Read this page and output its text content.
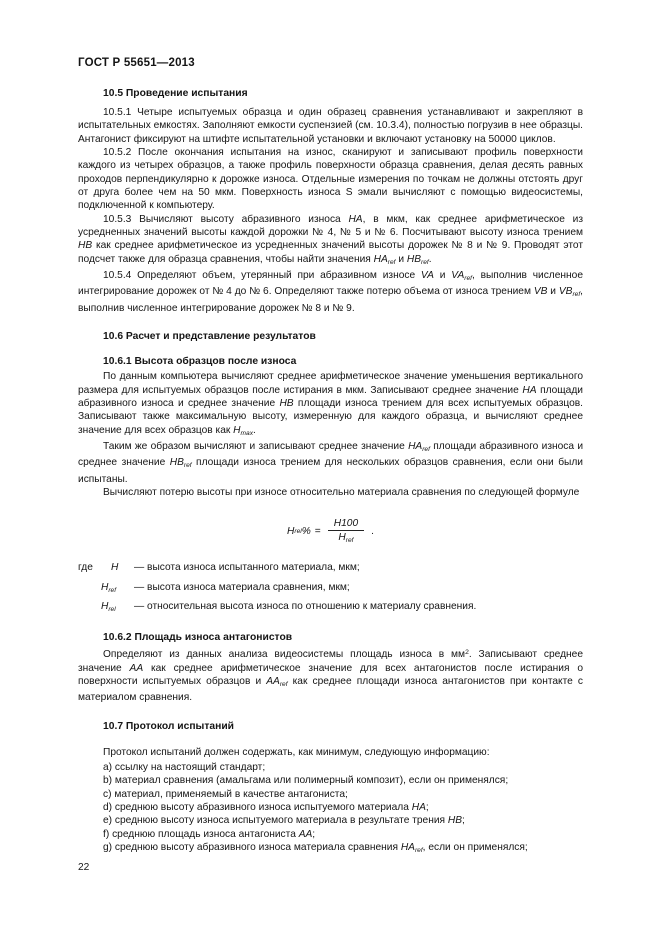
ГОСТ Р 55651—2013
10.5 Проведение испытания

10.5.1 Четыре испытуемых образца и один образец сравнения устанавливают и закрепляют в испытательных емкостях. Заполняют емкости суспензией (см. 10.3.4), полностью погрузив в нее образцы. Антагонист фиксируют на штифте испытательной установки и включают установку на 50000 циклов.

10.5.2 После окончания испытания на износ, сканируют и записывают профиль поверхности каждого из четырех образцов, а также профиль поверхности образца сравнения, делая десять равных проходов перпендикулярно к дорожке износа. Отдельные измерения по точкам не должны отстоять друг от друга более чем на 50 мкм. Поверхность износа S эмали вычисляют с помощью видеосистемы, подключенной к компьютеру.

10.5.3 Вычисляют высоту абразивного износа HA, в мкм, как среднее арифметическое из усредненных значений высоты каждой дорожки № 4, № 5 и № 6. Посчитывают высоту износа трением HB как среднее арифметическое из усредненных значений высоты дорожек № 8 и № 9. Проводят этот подсчет также для образца сравнения, чтобы найти значения $HA_{ref}$ и $HB_{ref}$.

10.5.4 Определяют объем, утерянный при абразивном износе VA и $VA_{ref}$, выполнив численное интегрирование дорожек от № 4 до № 6. Определяют также потерю объема от износа трением VB и $VB_{ref}$, выполнив численное интегрирование дорожек № 8 и № 9.

10.6 Расчет и представление результатов
10.6.1 Высота образцов после износа

По данным компьютера вычисляют среднее арифметическое значение уменьшения вертикального размера для испытуемых образцов после истирания в мкм. Записывают среднее значение HA площади абразивного износа и среднее значение HB площади износа трением для всех испытуемых образцов. Записывают также максимальную высоту, измеренную для каждого образца, и вычисляют среднее значение для всех образцов как $H_{max}$.

Таким же образом вычисляют и записывают среднее значение $HA_{ref}$ площади абразивного износа и среднее значение $HB_{ref}$ площади износа трением для нескольких образцов сравнения, если они были испытаны.

Вычисляют потерю высоты при износе относительно материала сравнения по следующей формуле

H rel % = $\frac{H100}{H_{ref}}$ .
где	H	— высота износа испытанного материала, мкм;
$H_{ref}$	— высота износа материала сравнения, мкм;
$H_{rel}$	— относительная высота износа по отношению к материалу сравнения.
10.6.2 Площадь износа антагонистов

Определяют из данных анализа видеосистемы площадь износа в $мм^2$. Записывают среднее значение AA как среднее арифметическое значение для всех антагонистов после истирания о поверхности испытуемых образцов и $AA_{ref}$ как среднее площади износа антагонистов при контакте с материалом сравнения.

10.7 Протокол испытаний

Протокол испытаний должен содержать, как минимум, следующую информацию:

a) ссылку на настоящий стандарт;
b) материал сравнения (амальгама или полимерный композит), если он применялся;
c) материал, применяемый в качестве антагониста;
d) среднюю высоту абразивного износа испытуемого материала HA;
e) среднюю высоту износа испытуемого материала в результате трения HB;
f) среднюю площадь износа антагониста AA;
g) среднюю высоту абразивного износа материала сравнения $HA_{ref}$, если он применялся;
22
